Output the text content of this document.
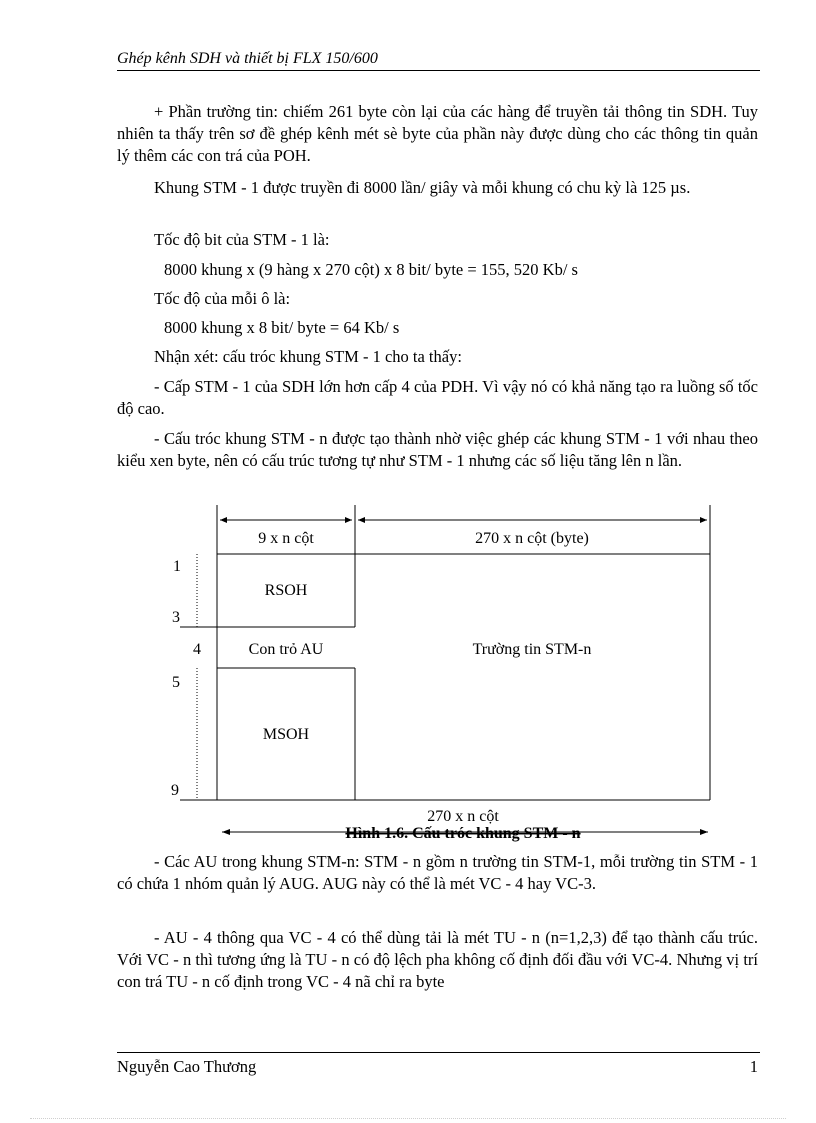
Ghép kênh SDH và thiết bị FLX 150/600

+ Phần trường tin: chiếm 261 byte còn lại của các hàng để truyền tải thông tin SDH. Tuy nhiên ta thấy trên sơ đề ghép kênh mét sè byte của phần này được dùng cho các thông tin quản lý thêm các con trá của POH.

Khung STM - 1 được truyền đi 8000 lần/ giây và mỗi khung có chu kỳ là 125 µs.

Tốc độ bit của STM - 1 là:
8000 khung x (9 hàng x 270 cột) x 8 bit/ byte = 155, 520 Kb/ s
Tốc độ của mỗi ô là:
8000 khung x 8 bit/ byte = 64 Kb/ s
Nhận xét: cấu tróc khung STM - 1 cho ta thấy:

- Cấp STM - 1 của SDH lớn hơn cấp 4 của PDH. Vì vậy nó có khả năng tạo ra luồng số tốc độ cao.

- Cấu tróc khung STM - n được tạo thành nhờ việc ghép các khung STM - 1 với nhau theo kiểu xen byte, nên có cấu trúc tương tự như STM - 1 nhưng các số liệu tăng lên n lần.

9 x n cột	270 x n cột (byte)
RSOH
Con trỏ AU
MSOH
Trường tin STM-n
1
3
4
5
9
270 x n cột
Hình 1.6. Cấu tróc khung STM - n

- Các AU trong khung STM-n: STM - n gồm n trường tin STM-1, mỗi trường tin STM - 1 có chứa 1 nhóm quản lý AUG. AUG này có thể là mét VC - 4 hay VC-3.

- AU - 4 thông qua VC - 4 có thể dùng tải là mét TU - n (n=1,2,3) để tạo thành cấu trúc. Với VC - n thì tương ứng là TU - n có độ lệch pha không cố định đối đầu với VC-4. Nhưng vị trí con trá TU - n cố định trong VC - 4 nã chỉ ra byte

Nguyễn Cao Thương	1
